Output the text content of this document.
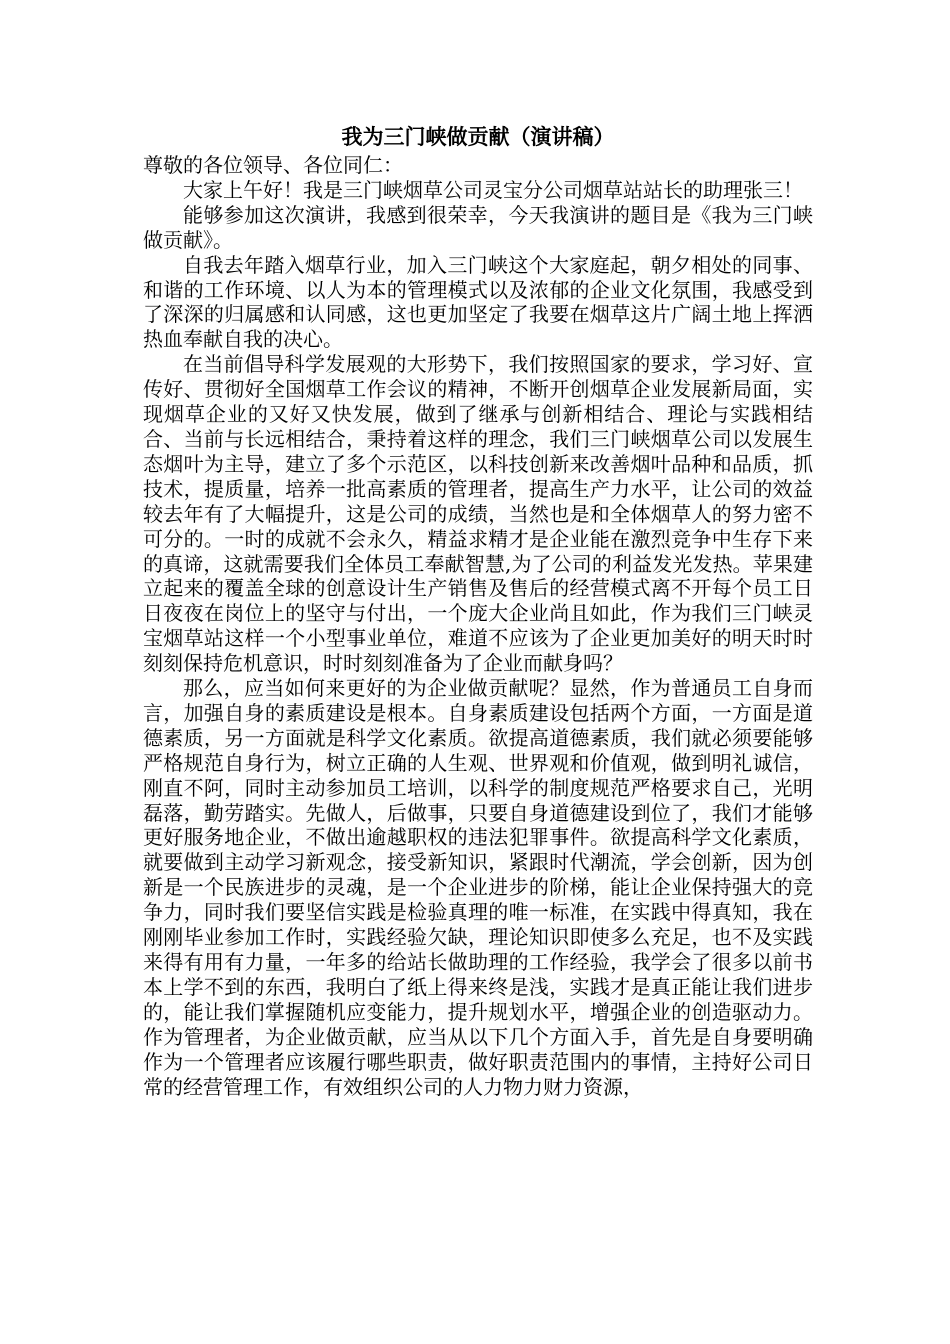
我为三门峡做贡献（演讲稿）

尊敬的各位领导、各位同仁：

大家上午好！我是三门峡烟草公司灵宝分公司烟草站站长的助理张三！

能够参加这次演讲，我感到很荣幸，今天我演讲的题目是《我为三门峡做贡献》。

自我去年踏入烟草行业，加入三门峡这个大家庭起，朝夕相处的同事、和谐的工作环境、以人为本的管理模式以及浓郁的企业文化氛围，我感受到了深深的归属感和认同感，这也更加坚定了我要在烟草这片广阔土地上挥洒热血奉献自我的决心。

在当前倡导科学发展观的大形势下，我们按照国家的要求，学习好、宣传好、贯彻好全国烟草工作会议的精神，不断开创烟草企业发展新局面，实现烟草企业的又好又快发展，做到了继承与创新相结合、理论与实践相结合、当前与长远相结合，秉持着这样的理念，我们三门峡烟草公司以发展生态烟叶为主导，建立了多个示范区，以科技创新来改善烟叶品种和品质，抓技术，提质量，培养一批高素质的管理者，提高生产力水平，让公司的效益较去年有了大幅提升，这是公司的成绩，当然也是和全体烟草人的努力密不可分的。一时的成就不会永久，精益求精才是企业能在激烈竞争中生存下来的真谛，这就需要我们全体员工奉献智慧,为了公司的利益发光发热。苹果建立起来的覆盖全球的创意设计生产销售及售后的经营模式离不开每个员工日日夜夜在岗位上的坚守与付出，一个庞大企业尚且如此，作为我们三门峡灵宝烟草站这样一个小型事业单位，难道不应该为了企业更加美好的明天时时刻刻保持危机意识，时时刻刻准备为了企业而献身吗？

那么，应当如何来更好的为企业做贡献呢？显然，作为普通员工自身而言，加强自身的素质建设是根本。自身素质建设包括两个方面，一方面是道德素质，另一方面就是科学文化素质。欲提高道德素质，我们就必须要能够严格规范自身行为，树立正确的人生观、世界观和价值观，做到明礼诚信，刚直不阿，同时主动参加员工培训，以科学的制度规范严格要求自己，光明磊落，勤劳踏实。先做人，后做事，只要自身道德建设到位了，我们才能够更好服务地企业，不做出逾越职权的违法犯罪事件。欲提高科学文化素质，就要做到主动学习新观念，接受新知识，紧跟时代潮流，学会创新，因为创新是一个民族进步的灵魂，是一个企业进步的阶梯，能让企业保持强大的竞争力，同时我们要坚信实践是检验真理的唯一标准，在实践中得真知，我在刚刚毕业参加工作时，实践经验欠缺，理论知识即使多么充足，也不及实践来得有用有力量，一年多的给站长做助理的工作经验，我学会了很多以前书本上学不到的东西，我明白了纸上得来终是浅，实践才是真正能让我们进步的，能让我们掌握随机应变能力，提升规划水平，增强企业的创造驱动力。作为管理者，为企业做贡献，应当从以下几个方面入手，首先是自身要明确作为一个管理者应该履行哪些职责，做好职责范围内的事情，主持好公司日常的经营管理工作，有效组织公司的人力物力财力资源，
